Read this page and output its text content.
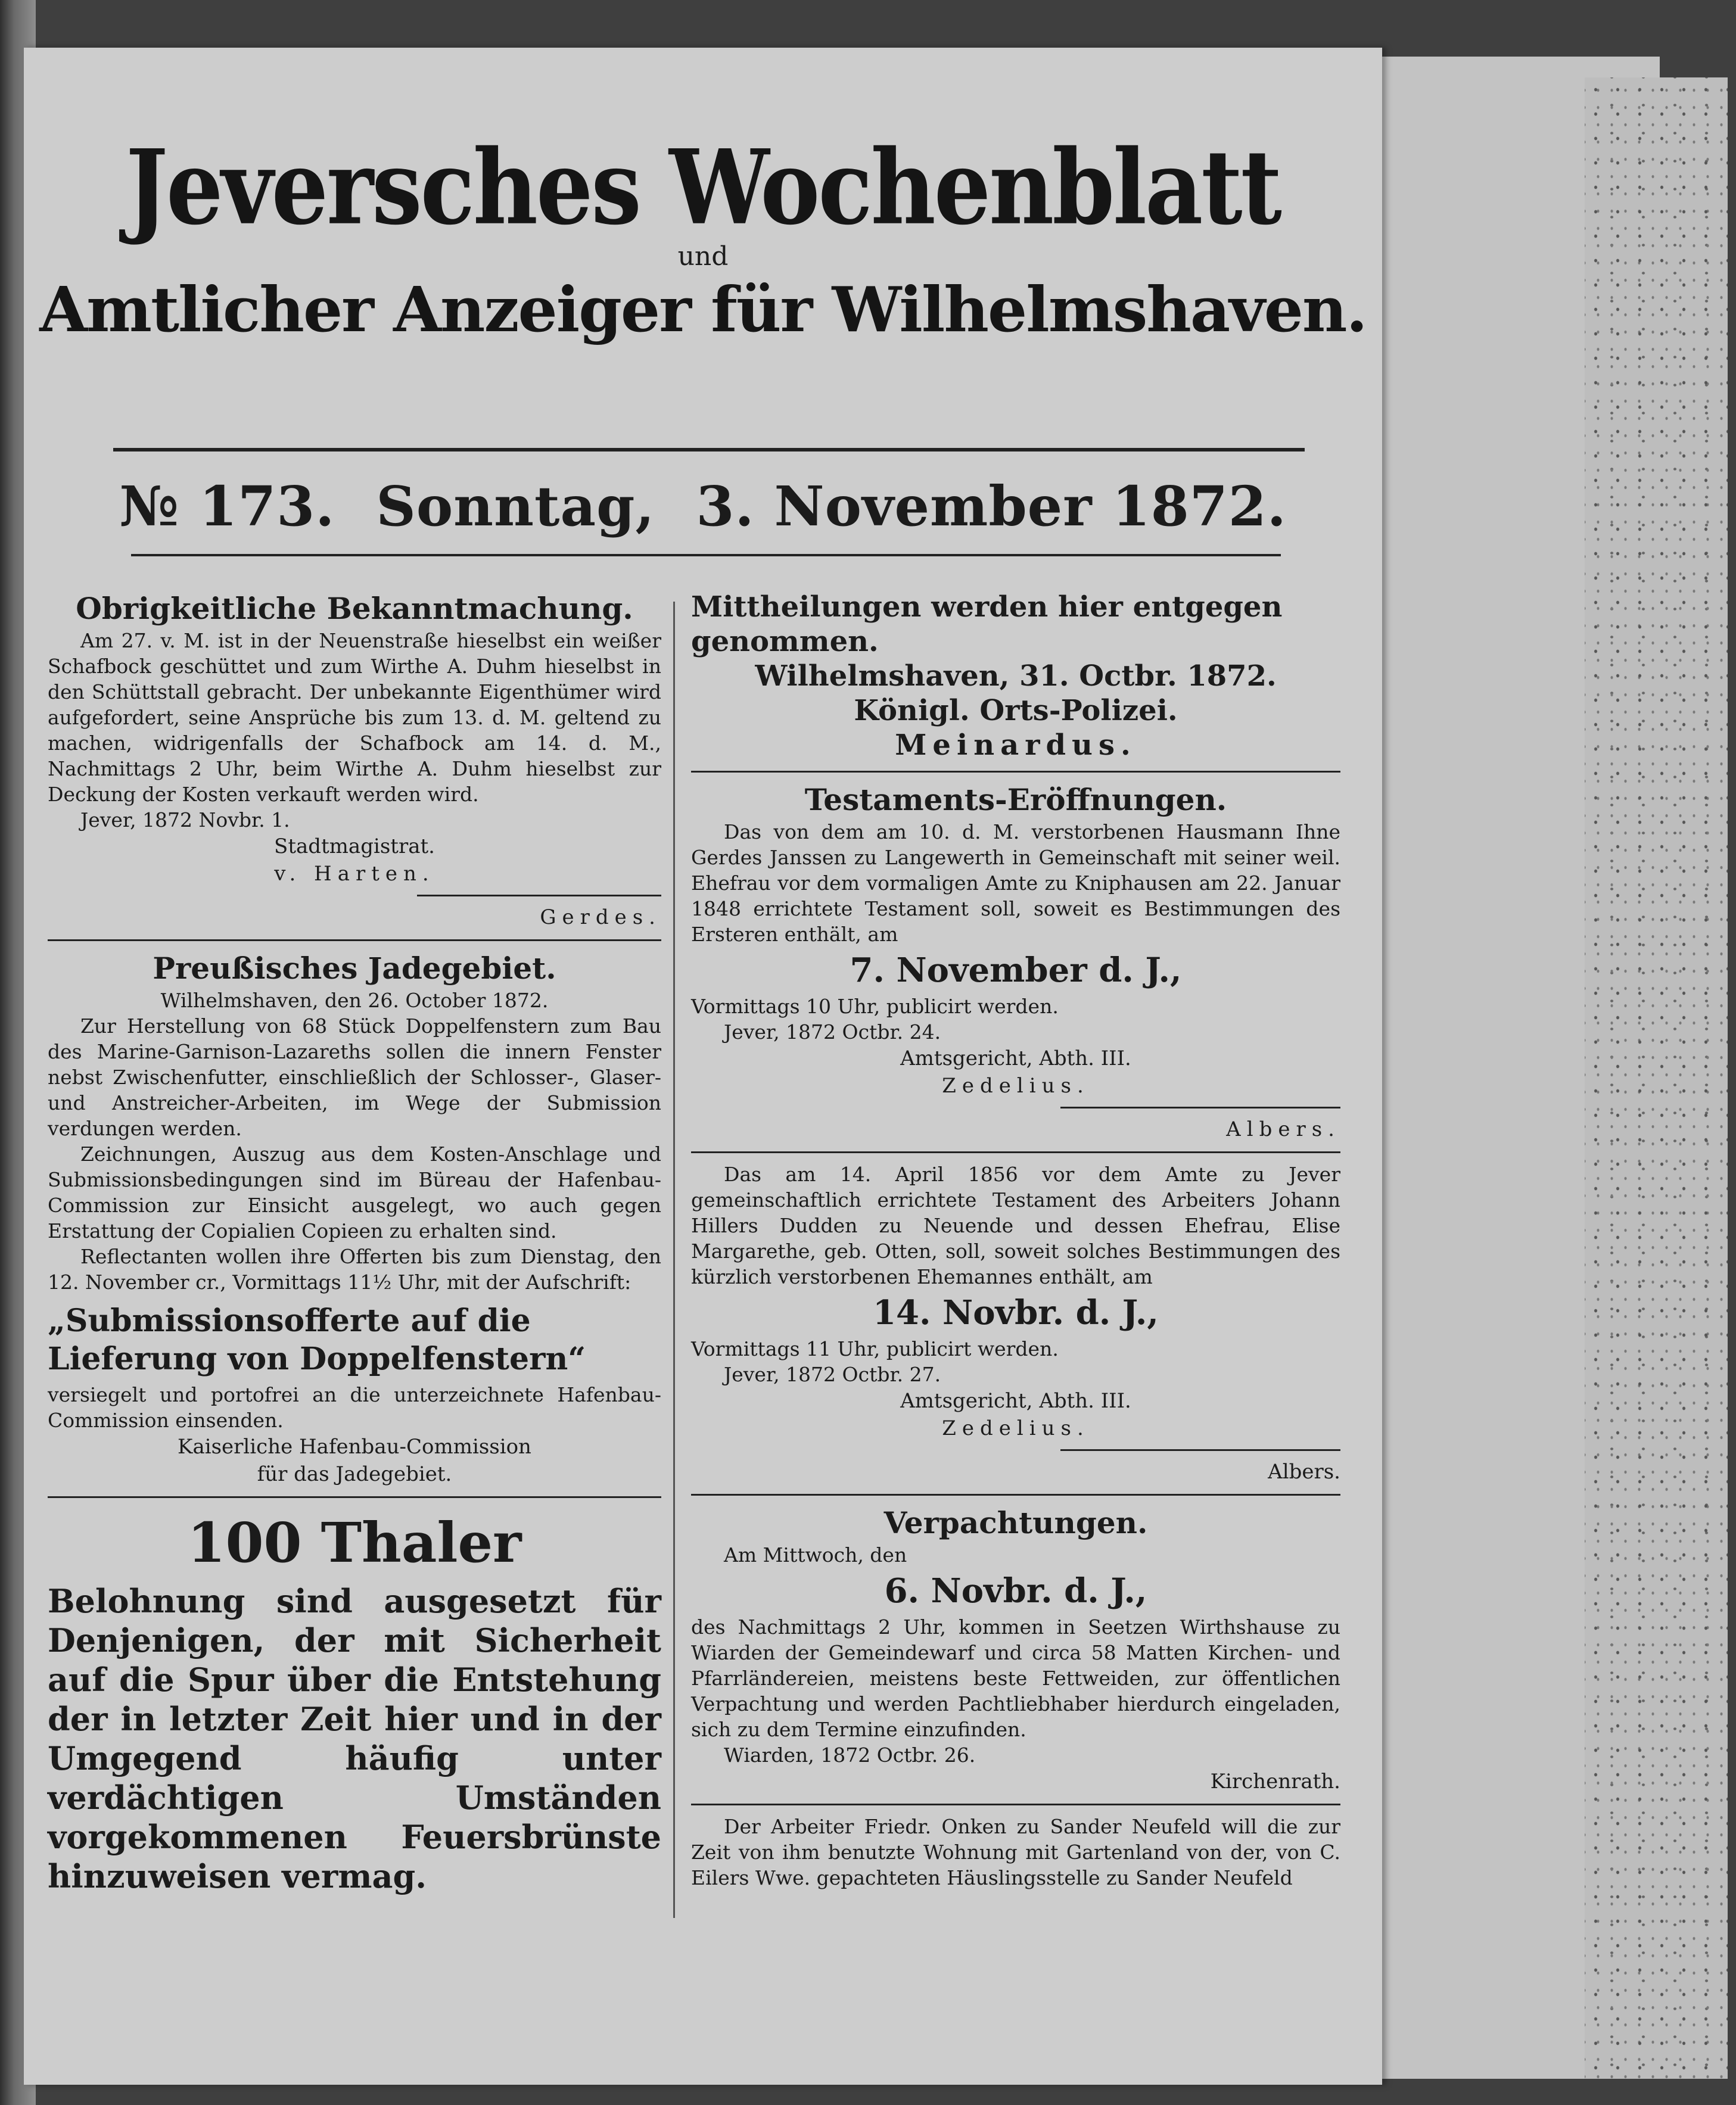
Jeversches Wochenblatt
und
Amtlicher Anzeiger für Wilhelmshaven.
№ 173. Sonntag, 3. November 1872.
Obrigkeitliche Bekanntmachung.

Am 27. v. M. ist in der Neuenstraße hieselbst ein weißer Schafbock geschüttet und zum Wirthe A. Duhm hieselbst in den Schüttstall gebracht. Der unbekannte Eigenthümer wird aufgefordert, seine Ansprüche bis zum 13. d. M. geltend zu machen, widrigenfalls der Schafbock am 14. d. M., Nachmittags 2 Uhr, beim Wirthe A. Duhm hieselbst zur Deckung der Kosten verkauft werden wird.

Jever, 1872 Novbr. 1.

Stadtmagistrat.

v. Harten.

Gerdes.

Preußisches Jadegebiet.

Wilhelmshaven, den 26. October 1872.

Zur Herstellung von 68 Stück Doppelfenstern zum Bau des Marine-Garnison-Lazareths sollen die innern Fenster nebst Zwischenfutter, einschließlich der Schlosser-, Glaser- und Anstreicher-Arbeiten, im Wege der Submission verdungen werden.

Zeichnungen, Auszug aus dem Kosten-Anschlage und Submissionsbedingungen sind im Büreau der Hafenbau-Commission zur Einsicht ausgelegt, wo auch gegen Erstattung der Copialien Copieen zu erhalten sind.

Reflectanten wollen ihre Offerten bis zum Dienstag, den 12. November cr., Vormittags 11½ Uhr, mit der Aufschrift:

„Submissionsofferte auf die Lieferung von Doppelfenstern“

versiegelt und portofrei an die unterzeichnete Hafenbau-Commission einsenden.

Kaiserliche Hafenbau-Commission

für das Jadegebiet.

100 Thaler

Belohnung sind ausgesetzt für Denjenigen, der mit Sicherheit auf die Spur über die Entstehung der in letzter Zeit hier und in der Umgegend häufig unter verdächtigen Umständen vorgekommenen Feuersbrünste hinzuweisen vermag.

Mittheilungen werden hier entgegen genommen.

Wilhelmshaven, 31. Octbr. 1872.

Königl. Orts-Polizei.

Meinardus.

Testaments-Eröffnungen.

Das von dem am 10. d. M. verstorbenen Hausmann Ihne Gerdes Janssen zu Langewerth in Gemeinschaft mit seiner weil. Ehefrau vor dem vormaligen Amte zu Kniphausen am 22. Januar 1848 errichtete Testament soll, soweit es Bestimmungen des Ersteren enthält, am

7. November d. J.,

Vormittags 10 Uhr, publicirt werden.

Jever, 1872 Octbr. 24.

Amtsgericht, Abth. III.

Zedelius.

Albers.

Das am 14. April 1856 vor dem Amte zu Jever gemeinschaftlich errichtete Testament des Arbeiters Johann Hillers Dudden zu Neuende und dessen Ehefrau, Elise Margarethe, geb. Otten, soll, soweit solches Bestimmungen des kürzlich verstorbenen Ehemannes enthält, am

14. Novbr. d. J.,

Vormittags 11 Uhr, publicirt werden.

Jever, 1872 Octbr. 27.

Amtsgericht, Abth. III.

Zedelius.

Albers.

Verpachtungen.

Am Mittwoch, den

6. Novbr. d. J.,

des Nachmittags 2 Uhr, kommen in Seetzen Wirthshause zu Wiarden der Gemeindewarf und circa 58 Matten Kirchen- und Pfarrländereien, meistens beste Fettweiden, zur öffentlichen Verpachtung und werden Pachtliebhaber hierdurch eingeladen, sich zu dem Termine einzufinden.

Wiarden, 1872 Octbr. 26.

Kirchenrath.

Der Arbeiter Friedr. Onken zu Sander Neufeld will die zur Zeit von ihm benutzte Wohnung mit Gartenland von der, von C. Eilers Wwe. gepachteten Häuslingsstelle zu Sander Neufeld
